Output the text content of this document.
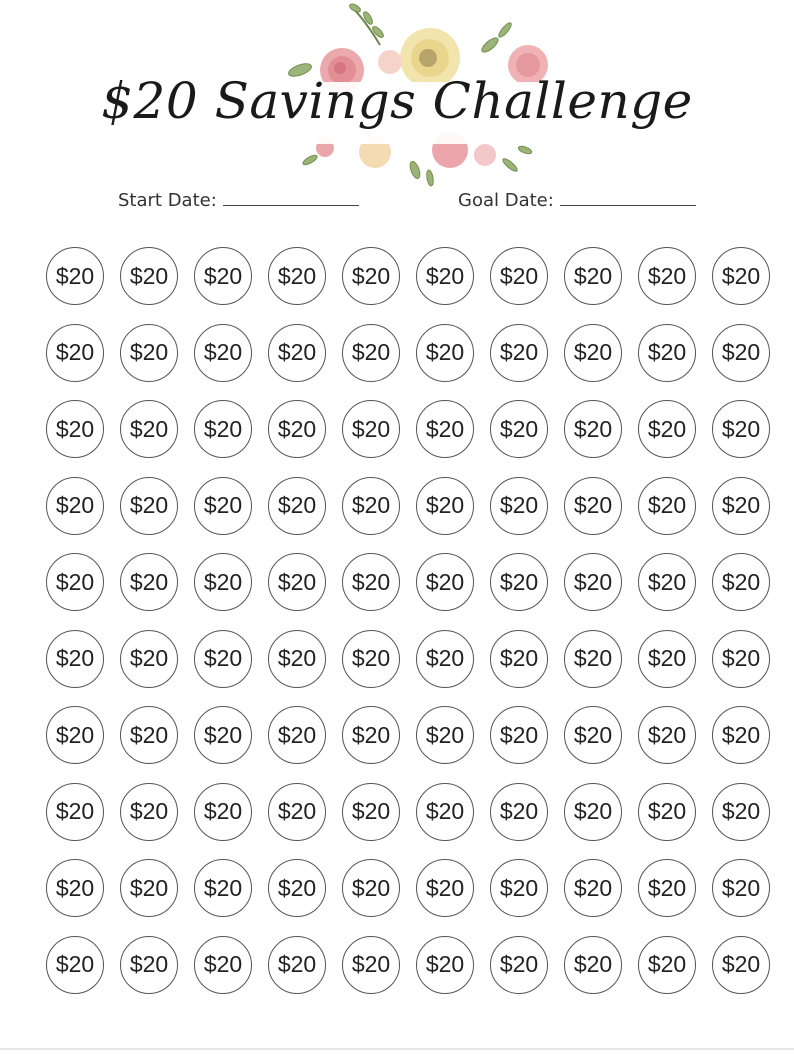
$20 Savings Challenge
Start Date:	Goal Date:
$20	$20	$20	$20	$20	$20	$20	$20	$20	$20
$20	$20	$20	$20	$20	$20	$20	$20	$20	$20
$20	$20	$20	$20	$20	$20	$20	$20	$20	$20
$20	$20	$20	$20	$20	$20	$20	$20	$20	$20
$20	$20	$20	$20	$20	$20	$20	$20	$20	$20
$20	$20	$20	$20	$20	$20	$20	$20	$20	$20
$20	$20	$20	$20	$20	$20	$20	$20	$20	$20
$20	$20	$20	$20	$20	$20	$20	$20	$20	$20
$20	$20	$20	$20	$20	$20	$20	$20	$20	$20
$20	$20	$20	$20	$20	$20	$20	$20	$20	$20
